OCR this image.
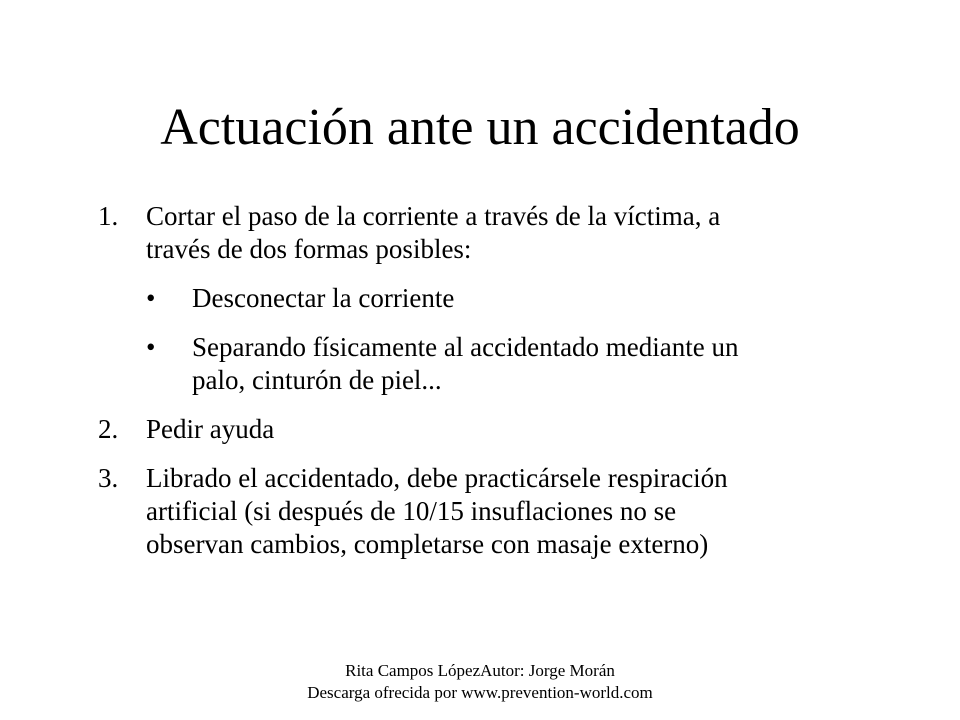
Actuación ante un accidentado
1. Cortar el paso de la corriente a través de la víctima, a
través de dos formas posibles:
• Desconectar la corriente
• Separando físicamente al accidentado mediante un
palo, cinturón de piel...
2. Pedir ayuda
3. Librado el accidentado, debe practicársele respiración
artificial (si después de 10/15 insuflaciones no se
observan cambios, completarse con masaje externo)
Rita Campos LópezAutor: Jorge Morán
Descarga ofrecida por www.prevention-world.com
